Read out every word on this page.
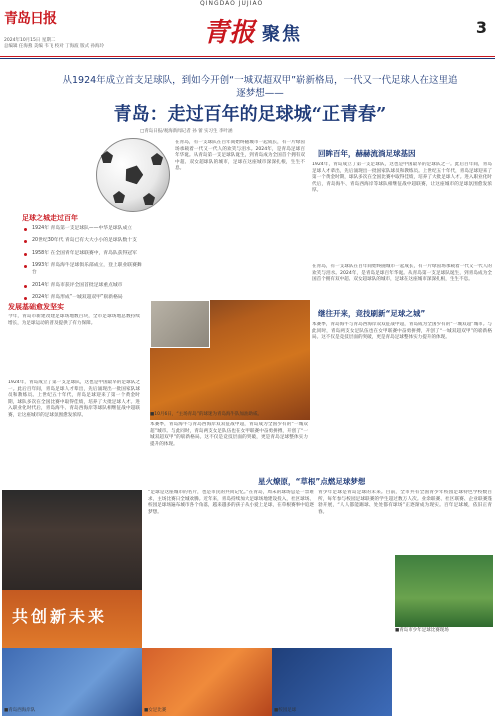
青岛日报
2024年10月15日 星期二
总编辑 任海燕 美编 韦飞 校对 丁海波 版式 孙海玲
QINGDAO JUJIAO
青报 聚焦	3
从1924年成立首支足球队，到如今开创“一城双超双甲”崭新格局，一代又一代足球人在这里追逐梦想——
青岛：走过百年的足球城“正青春”
□青岛日报/观海新闻记者 孙 蕾 实习生 李叶涵
在青岛，有一支球队在百年间始终随城市一起成长，有一片绿茵场承载着一代又一代人的欢笑与泪水。2024年，是青岛足球百年华诞。从青岛第一支足球队诞生，到青岛成为全国首个拥有双中超、双女超球队的城市，足球在这座城市深深扎根，生生不息。
足球之城走过百年
1924年 青岛第一支足球队——中华足球队成立
20世纪30年代 青岛已有大大小小的足球队数十支
1958年 在全国青年足球联赛中，青岛队获得冠军
1993年 青岛海牛足球俱乐部成立，登上职业联赛舞台
2014年 青岛市获评全国首批足球重点城市
2024年 青岛形成“一城双超双甲”崭新格局
发展基础愈发坚实
今年，青岛市新建改建足球场地数百块，全市足球场地总数持续增长，为足球运动的普及提供了有力保障。
1924年，青岛成立了第一支足球队，这也是中国最早的足球队之一。此后百年间，青岛足球人才辈出，先后涌现出一批国家队球员和教练员。上世纪五十年代，青岛足球迎来了第一个黄金时期，球队多次在全国比赛中取得佳绩，培养了大批足球人才。进入职业化时代后，青岛海牛、青岛西海岸等球队相继征战中超联赛，让这座城市的足球氛围愈发浓厚。
回眸百年，赫赫流淌足球基因
1924年，青岛成立了第一支足球队，这也是中国最早的足球队之一。此后百年间，青岛足球人才辈出，先后涌现出一批国家队球员和教练员。上世纪五十年代，青岛足球迎来了第一个黄金时期，球队多次在全国比赛中取得佳绩，培养了大批足球人才。进入职业化时代后，青岛海牛、青岛西海岸等球队相继征战中超联赛，让这座城市的足球氛围愈发浓厚。
在青岛，有一支球队在百年间始终随城市一起成长，有一片绿茵场承载着一代又一代人的欢笑与泪水。2024年，是青岛足球百年华诞。从青岛第一支足球队诞生，到青岛成为全国首个拥有双中超、双女超球队的城市，足球在这座城市深深扎根，生生不息。
继往开来，竞技刷新“足球之城”
本赛季，青岛海牛与青岛西海岸双双征战中超，青岛成为全国少有的“一城双超”城市。与此同时，青岛两支女足队伍也在女甲联赛中奋勇拼搏，开创了“一城双超双甲”的崭新格局。这不仅是竞技层面的突破，更是青岛足球整体实力提升的体现。
本赛季，青岛海牛与青岛西海岸双双征战中超，青岛成为全国少有的“一城双超”城市。与此同时，青岛两支女足队伍也在女甲联赛中奋勇拼搏，开创了“一城双超双甲”的崭新格局。这不仅是竞技层面的突破，更是青岛足球整体实力提升的体现。
星火燎原，“草根”点燃足球梦想
“足球是这座城市的名片，也是市民的共同记忆。”在青岛，周末的球场总是一票难求，主场比赛日全城欢腾。近年来，青岛持续加大足球场地建设投入，社区球场、校园足球场遍布城市各个角落，越来越多的孩子从小爱上足球，在草根赛事中追逐梦想。
青少年足球是青岛足球的未来。目前，全市共有全国青少年校园足球特色学校数百所，每年参与校园足球联赛的学生超过数万人次。业余联赛、社区联赛、企业联赛蓬勃开展，“人人都能踢球、处处都有球场”正逐渐成为现实。百年足球城，依旧正青春。
■10月6日，“主场青岛”的球迷为青岛海牛队加油助威。
共创新未来
■青岛市少年足球比赛现场
■青岛西海岸队	■女足比赛	■校园足球
